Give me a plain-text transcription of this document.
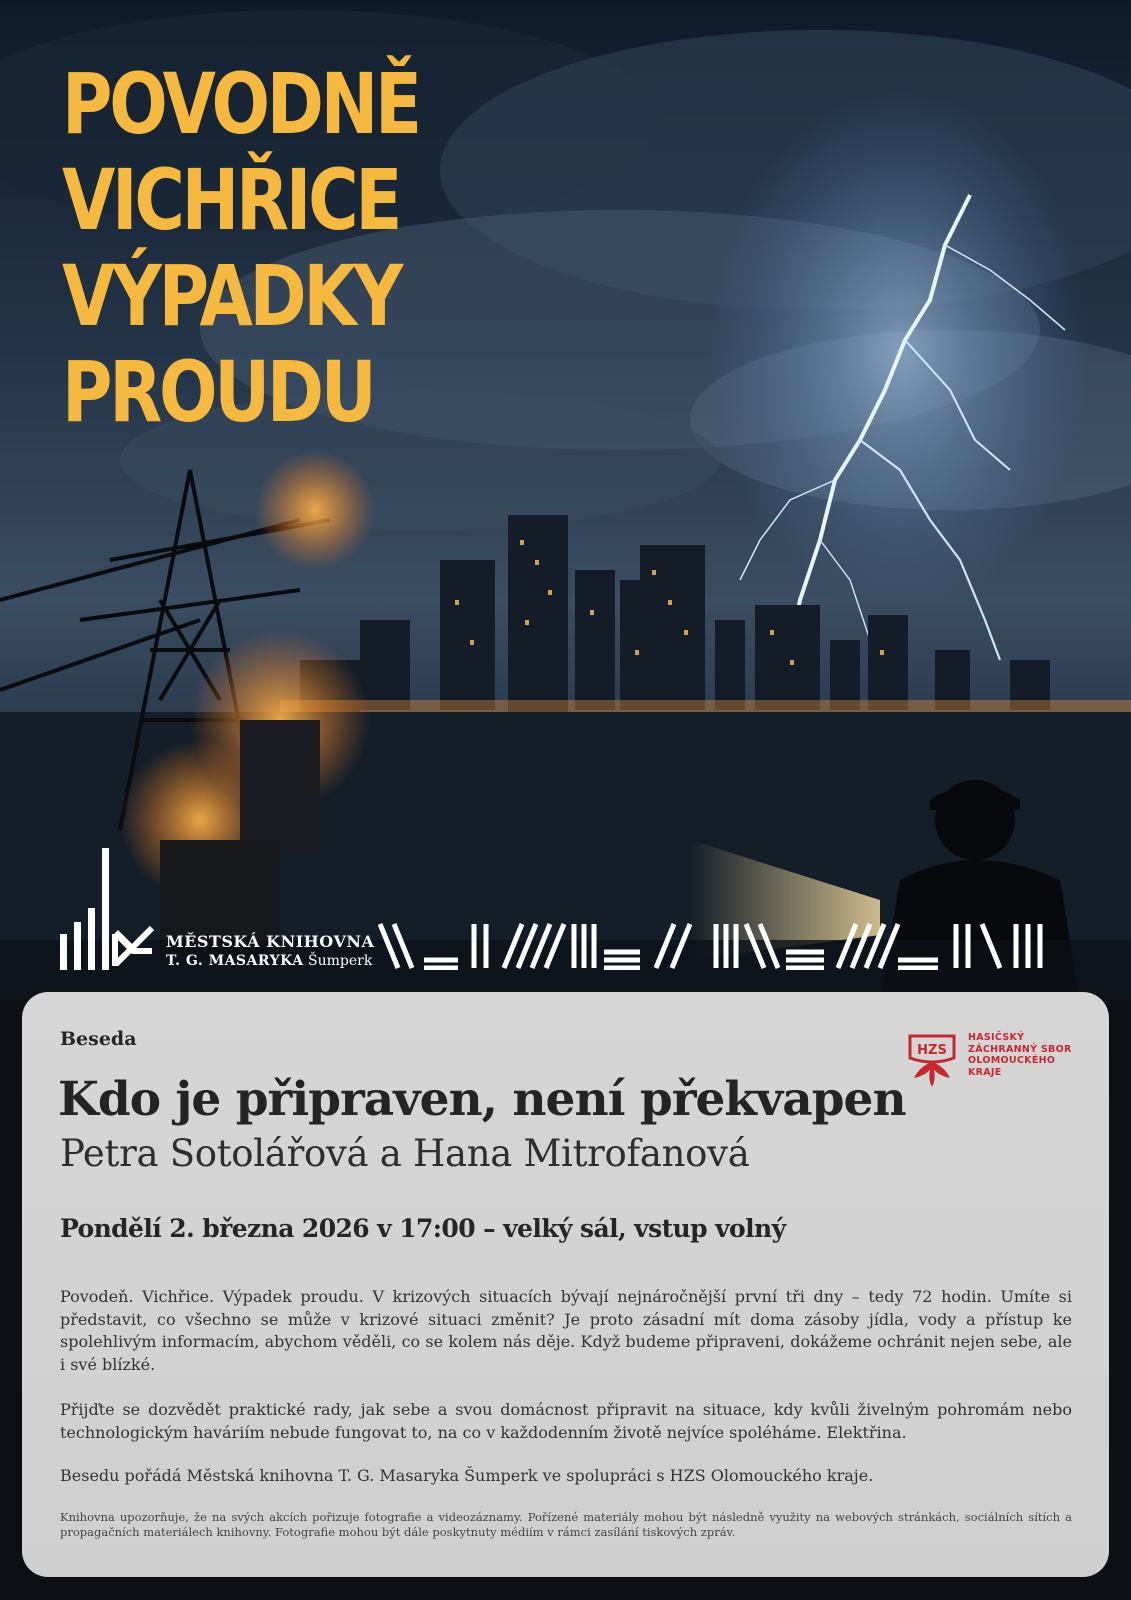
POVODNĚ
VICHŘICE
VÝPADKY
PROUDU
MĚSTSKÁ KNIHOVNA
T. G. MASARYKA Šumperk
Beseda
HZS
HASIČSKÝ
ZÁCHRANNÝ SBOR
OLOMOUCKÉHO
KRAJE
Kdo je připraven, není překvapen
Petra Sotolářová a Hana Mitrofanová
Pondělí 2. března 2026 v 17:00 – velký sál, vstup volný

Povodeň. Vichřice. Výpadek proudu. V krizových situacích bývají nejnáročnější první tři dny – tedy 72 hodin. Umíte si představit, co všechno se může v krizové situaci změnit? Je proto zásadní mít doma zásoby jídla, vody a přístup ke spolehlivým informacím, abychom věděli, co se kolem nás děje. Když budeme připraveni, dokážeme ochránit nejen sebe, ale i své blízké.

Přijďte se dozvědět praktické rady, jak sebe a svou domácnost připravit na situace, kdy kvůli živelným pohromám nebo technologickým haváriím nebude fungovat to, na co v každodenním životě nejvíce spoléháme. Elektřina.

Besedu pořádá Městská knihovna T. G. Masaryka Šumperk ve spolupráci s HZS Olomouckého kraje.

Knihovna upozorňuje, že na svých akcích pořizuje fotografie a videozáznamy. Pořízené materiály mohou být následně využity na webových stránkách, sociálních sítích a propagačních materiálech knihovny. Fotografie mohou být dále poskytnuty médiím v rámci zasílání tiskových zpráv.
